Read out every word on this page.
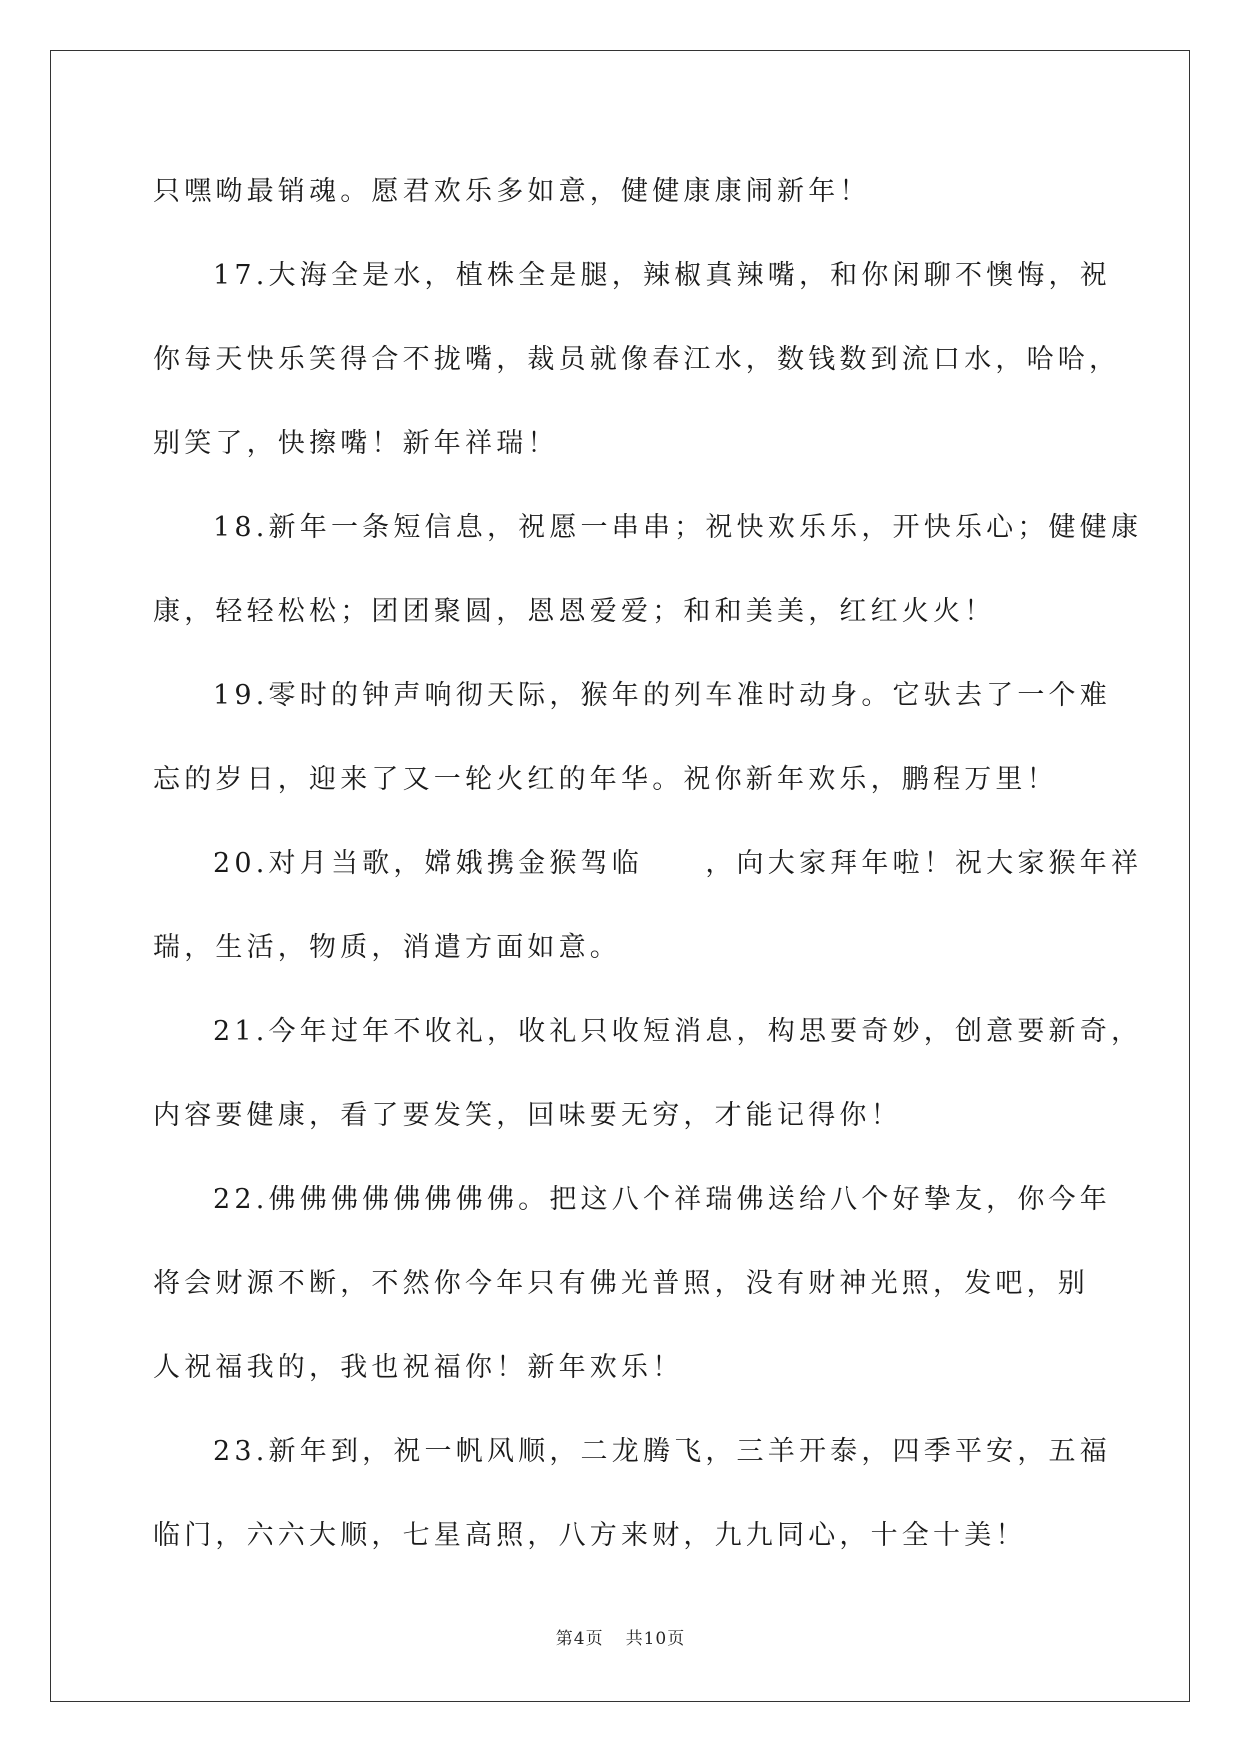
只嘿呦最销魂。愿君欢乐多如意，健健康康闹新年！
17.大海全是水，植株全是腿，辣椒真辣嘴，和你闲聊不懊悔，祝
你每天快乐笑得合不拢嘴，裁员就像春江水，数钱数到流口水，哈哈，
别笑了，快擦嘴！新年祥瑞！
18.新年一条短信息，祝愿一串串；祝快欢乐乐，开快乐心；健健康
康，轻轻松松；团团聚圆，恩恩爱爱；和和美美，红红火火！
19.零时的钟声响彻天际，猴年的列车准时动身。它驮去了一个难
忘的岁日，迎来了又一轮火红的年华。祝你新年欢乐，鹏程万里！
20.对月当歌，嫦娥携金猴驾临　　，向大家拜年啦！祝大家猴年祥
瑞，生活，物质，消遣方面如意。
21.今年过年不收礼，收礼只收短消息，构思要奇妙，创意要新奇，
内容要健康，看了要发笑，回味要无穷，才能记得你！
22.佛佛佛佛佛佛佛佛。把这八个祥瑞佛送给八个好挚友，你今年
将会财源不断，不然你今年只有佛光普照，没有财神光照，发吧，别
人祝福我的，我也祝福你！新年欢乐！
23.新年到，祝一帆风顺，二龙腾飞，三羊开泰，四季平安，五福
临门，六六大顺，七星高照，八方来财，九九同心，十全十美！
第4页 共10页
